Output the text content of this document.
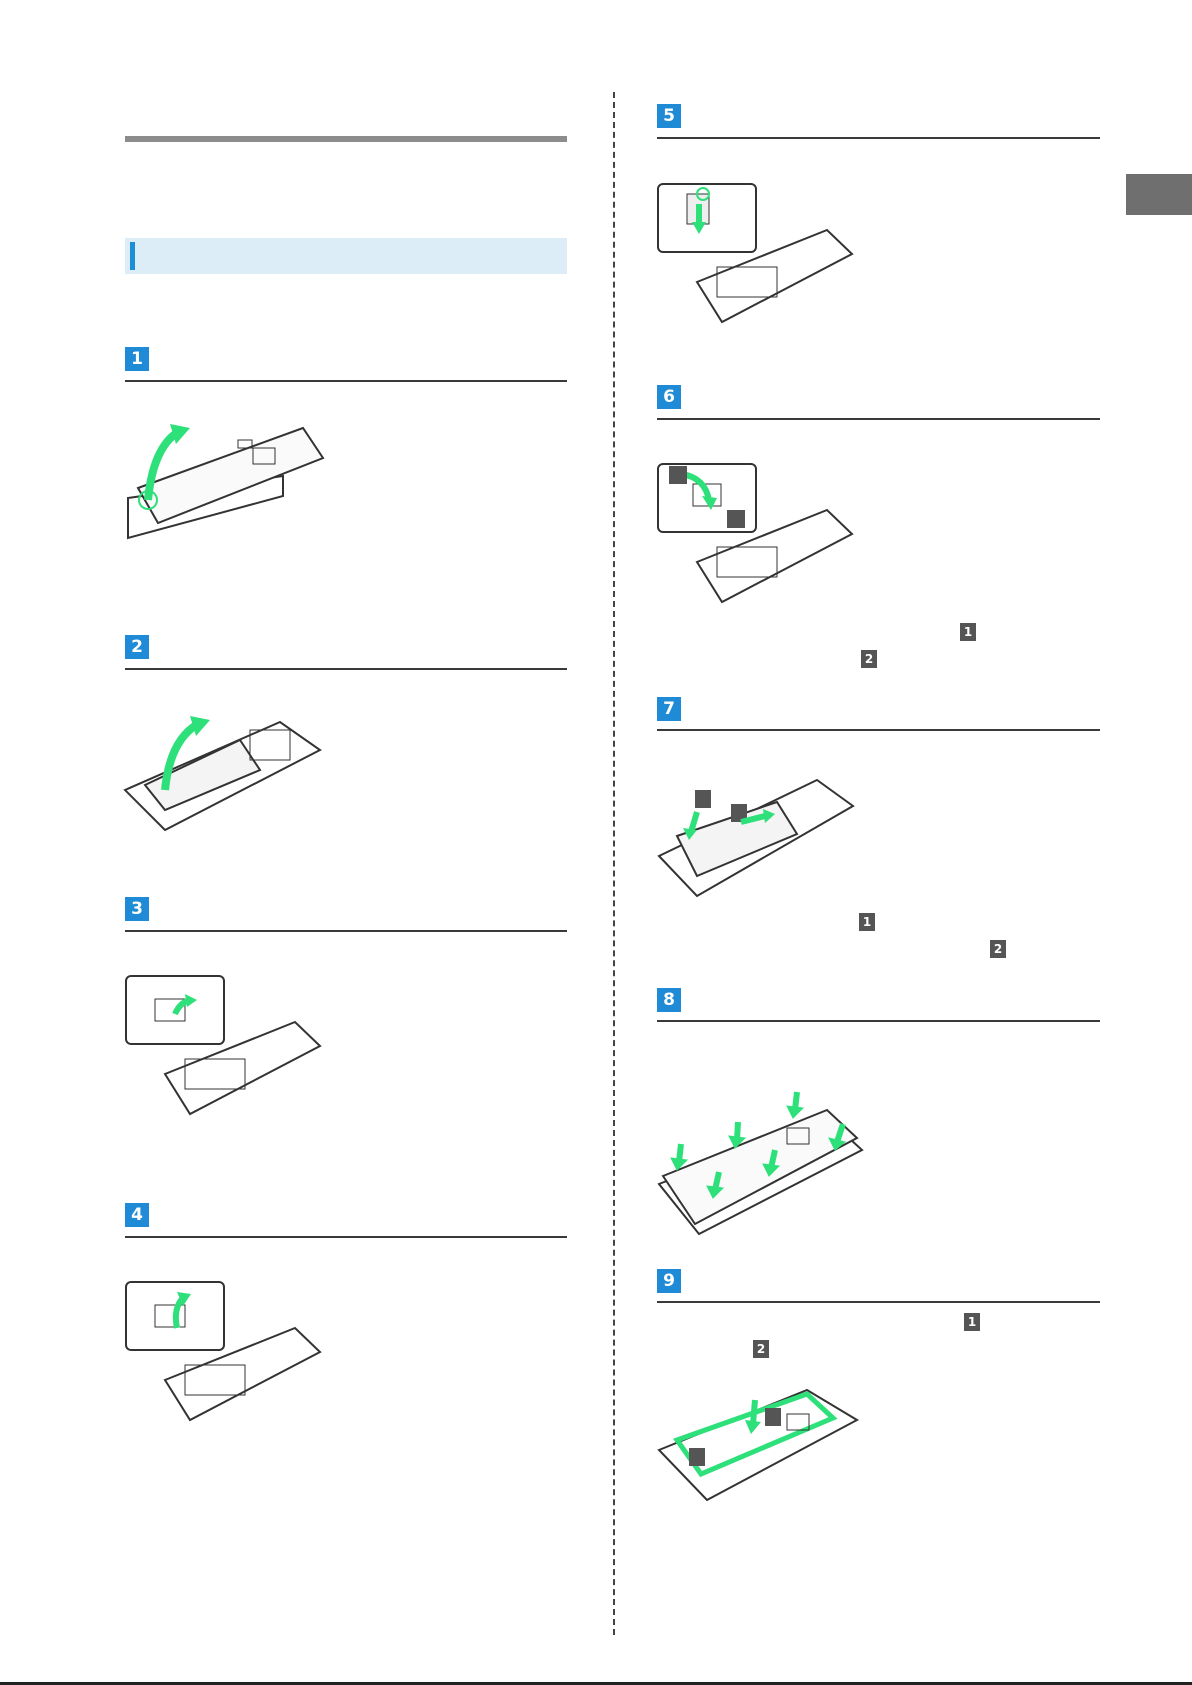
1
2
3
4
5
6
1
2
7
1
2
8
9
1
2
